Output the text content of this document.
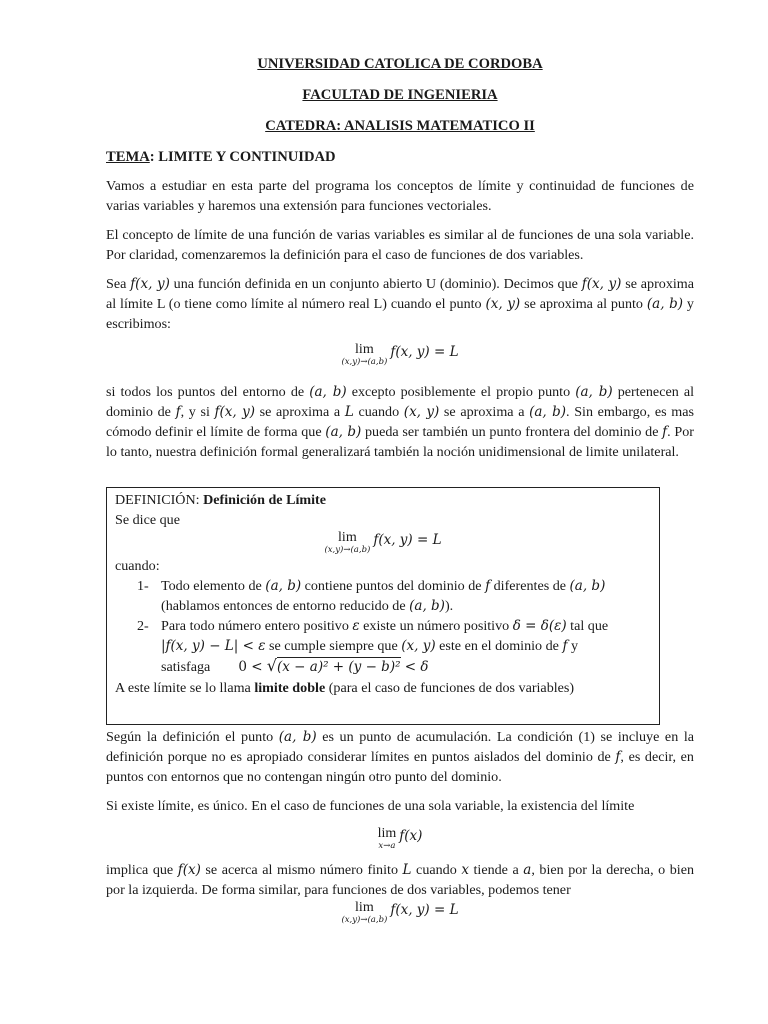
UNIVERSIDAD CATOLICA DE CORDOBA

FACULTAD DE INGENIERIA

CATEDRA: ANALISIS MATEMATICO II

TEMA: LIMITE Y CONTINUIDAD

Vamos a estudiar en esta parte del programa los conceptos de límite y continuidad de funciones de varias variables y haremos una extensión para funciones vectoriales.

El concepto de límite de una función de varias variables es similar al de funciones de una sola variable. Por claridad, comenzaremos la definición para el caso de funciones de dos variables.

Sea f(x, y) una función definida en un conjunto abierto U (dominio). Decimos que f(x, y) se aproxima al límite L (o tiene como límite al número real L) cuando el punto (x, y) se aproxima al punto (a, b) y escribimos:

lim
(x,y)→(a,b)
f(x, y) = L

si todos los puntos del entorno de (a, b) excepto posiblemente el propio punto (a, b) pertenecen al dominio de f, y si f(x, y) se aproxima a L cuando (x, y) se aproxima a (a, b). Sin embargo, es mas cómodo definir el límite de forma que (a, b) pueda ser también un punto frontera del dominio de f. Por lo tanto, nuestra definición formal generalizará también la noción unidimensional de limite unilateral.

DEFINICIÓN: Definición de Límite
Se dice que
lim
(x,y)→(a,b)
f(x, y) = L
cuando:
1- Todo elemento de (a, b) contiene puntos del dominio de f diferentes de (a, b)
(hablamos entonces de entorno reducido de (a, b)).
2- Para todo número entero positivo ε existe un número positivo δ = δ(ε) tal que
|f(x, y) − L| < ε se cumple siempre que (x, y) este en el dominio de f y
satisfaga 0 < √(x − a)² + (y − b)² < δ
A este límite se lo llama limite doble (para el caso de funciones de dos variables)

Según la definición el punto (a, b) es un punto de acumulación. La condición (1) se incluye en la definición porque no es apropiado considerar límites en puntos aislados del dominio de f, es decir, en puntos con entornos que no contengan ningún otro punto del dominio.

Si existe límite, es único. En el caso de funciones de una sola variable, la existencia del límite

lim
x→a
f(x)

implica que f(x) se acerca al mismo número finito L cuando x tiende a a, bien por la derecha, o bien por la izquierda. De forma similar, para funciones de dos variables, podemos tener

lim
(x,y)→(a,b)
f(x, y) = L
